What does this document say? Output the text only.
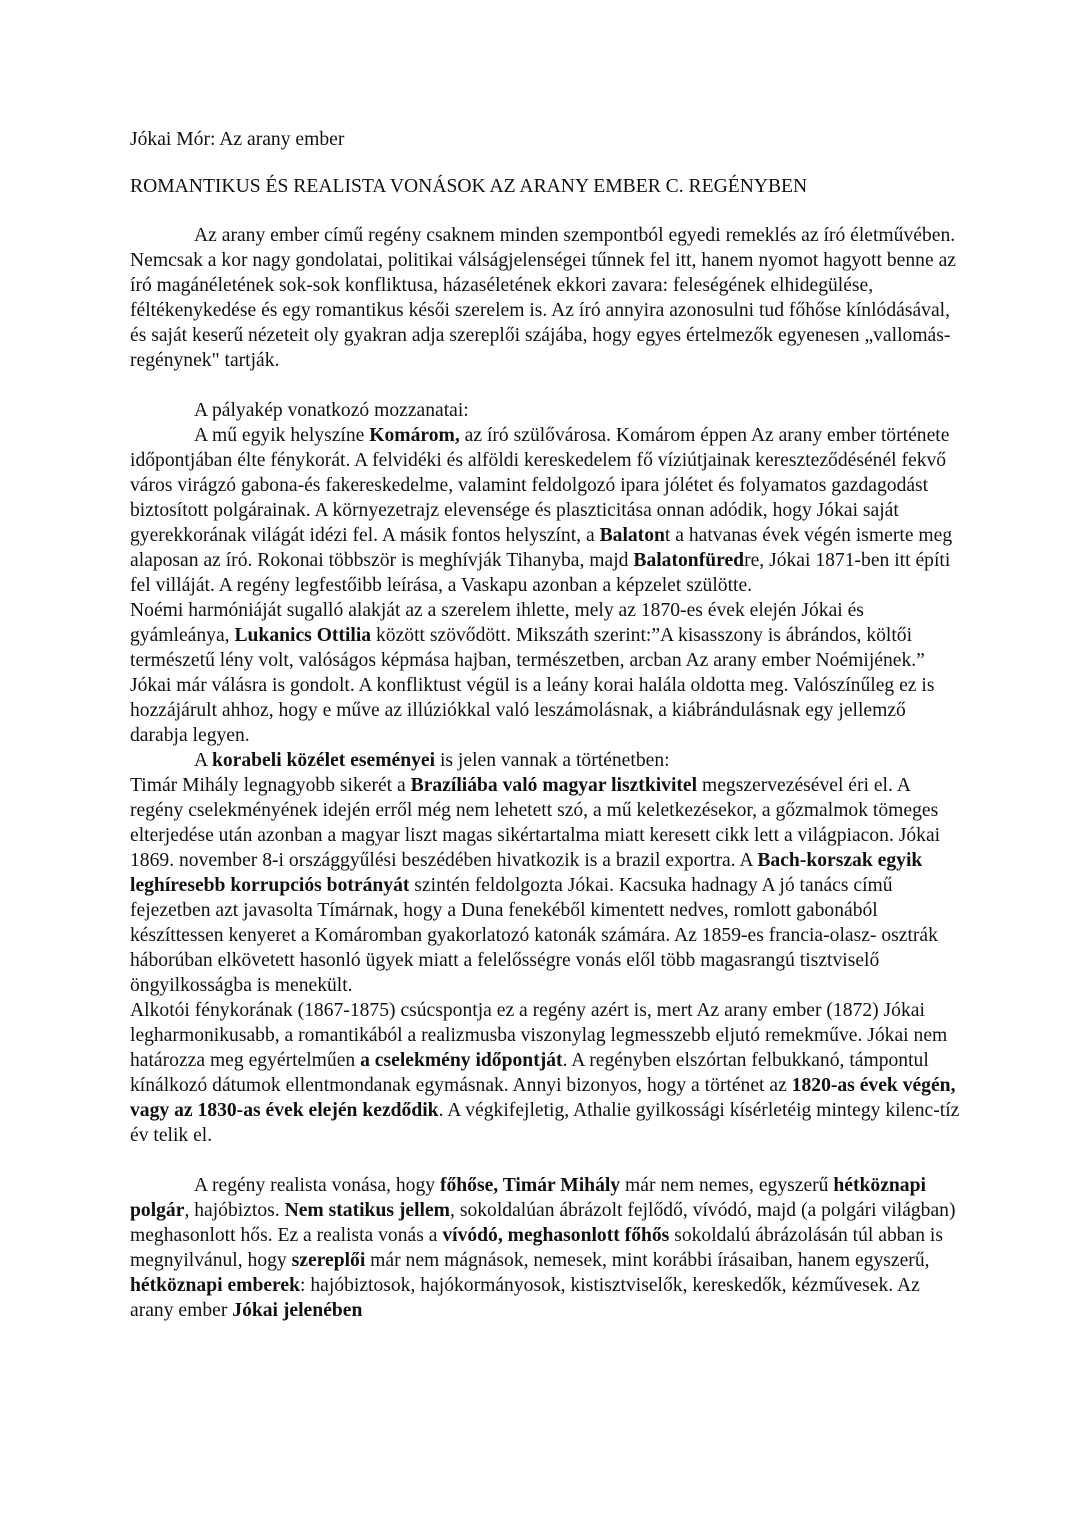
Jókai Mór: Az arany ember

ROMANTIKUS ÉS REALISTA VONÁSOK AZ ARANY EMBER C. REGÉNYBEN

Az arany ember című regény csaknem minden szempontból egyedi remeklés az író életművében. Nemcsak a kor nagy gondolatai, politikai válságjelenségei tűnnek fel itt, hanem nyomot hagyott benne az író magánéletének sok-sok konfliktusa, házaséletének ekkori zavara: feleségének elhidegülése, féltékenykedése és egy romantikus késői szerelem is. Az író annyira azonosulni tud főhőse kínlódásával, és saját keserű nézeteit oly gyakran adja szereplői szájába, hogy egyes értelmezők egyenesen „vallomás-regénynek" tartják.

A pályakép vonatkozó mozzanatai:

A mű egyik helyszíne Komárom, az író szülővárosa. Komárom éppen Az arany ember története időpontjában élte fénykorát. A felvidéki és alföldi kereskedelem fő víziútjainak kereszteződésénél fekvő város virágzó gabona-és fakereskedelme, valamint feldolgozó ipara jólétet és folyamatos gazdagodást biztosított polgárainak. A környezetrajz elevensége és plaszticitása onnan adódik, hogy Jókai saját gyerekkorának világát idézi fel. A másik fontos helyszínt, a Balatont a hatvanas évek végén ismerte meg alaposan az író. Rokonai többször is meghívják Tihanyba, majd Balatonfüredre, Jókai 1871-ben itt építi fel villáját. A regény legfestőibb leírása, a Vaskapu azonban a képzelet szülötte.

Noémi harmóniáját sugalló alakját az a szerelem ihlette, mely az 1870-es évek elején Jókai és gyámleánya, Lukanics Ottilia között szövődött. Mikszáth szerint:”A kisasszony is ábrándos, költői természetű lény volt, valóságos képmása hajban, természetben, arcban Az arany ember Noémijének.” Jókai már válásra is gondolt. A konfliktust végül is a leány korai halála oldotta meg. Valószínűleg ez is hozzájárult ahhoz, hogy e műve az illúziókkal való leszámolásnak, a kiábrándulásnak egy jellemző darabja legyen.

A korabeli közélet eseményei is jelen vannak a történetben:

Timár Mihály legnagyobb sikerét a Brazíliába való magyar lisztkivitel megszervezésével éri el. A regény cselekményének idején erről még nem lehetett szó, a mű keletkezésekor, a gőzmalmok tömeges elterjedése után azonban a magyar liszt magas sikértartalma miatt keresett cikk lett a világpiacon. Jókai 1869. november 8-i országgyűlési beszédében hivatkozik is a brazil exportra. A Bach-korszak egyik leghíresebb korrupciós botrányát szintén feldolgozta Jókai. Kacsuka hadnagy A jó tanács című fejezetben azt javasolta Tímárnak, hogy a Duna fenekéből kimentett nedves, romlott gabonából készíttessen kenyeret a Komáromban gyakorlatozó katonák számára. Az 1859-es francia-olasz- osztrák háborúban elkövetett hasonló ügyek miatt a felelősségre vonás elől több magasrangú tisztviselő öngyilkosságba is menekült.

Alkotói fénykorának (1867-1875) csúcspontja ez a regény azért is, mert Az arany ember (1872) Jókai legharmonikusabb, a romantikából a realizmusba viszonylag legmesszebb eljutó remekműve. Jókai nem határozza meg egyértelműen a cselekmény időpontját. A regényben elszórtan felbukkanó, támpontul kínálkozó dátumok ellentmondanak egymásnak. Annyi bizonyos, hogy a történet az 1820-as évek végén, vagy az 1830-as évek elején kezdődik. A végkifejletig, Athalie gyilkossági kísérletéig mintegy kilenc-tíz év telik el.

A regény realista vonása, hogy főhőse, Timár Mihály már nem nemes, egyszerű hétköznapi polgár, hajóbiztos. Nem statikus jellem, sokoldalúan ábrázolt fejlődő, vívódó, majd (a polgári világban) meghasonlott hős. Ez a realista vonás a vívódó, meghasonlott főhős sokoldalú ábrázolásán túl abban is megnyilvánul, hogy szereplői már nem mágnások, nemesek, mint korábbi írásaiban, hanem egyszerű, hétköznapi emberek: hajóbiztosok, hajókormányosok, kistisztviselők, kereskedők, kézművesek. Az arany ember Jókai jelenében
